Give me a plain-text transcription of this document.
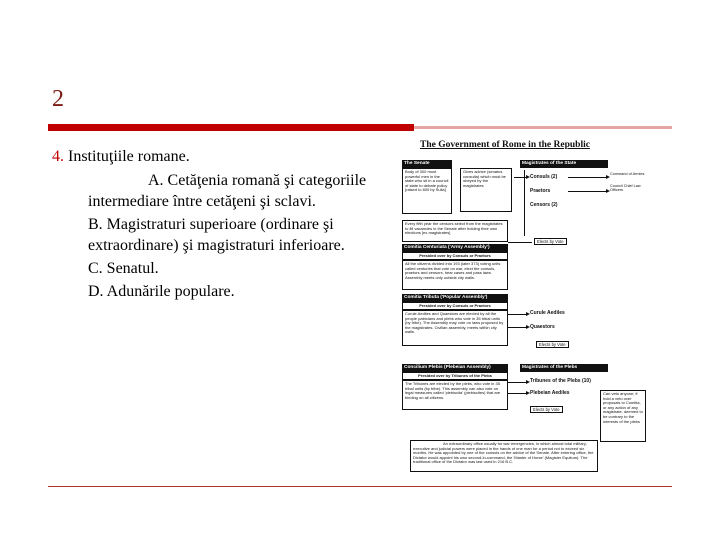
2
4. Instituţiile romane.
A. Cetăţenia romană şi categoriile intermediare între cetăţeni şi sclavi.
B. Magistraturi superioare (ordinare şi extraordinare) şi magistraturi inferioare.
C. Senatul.
D. Adunările populare.
The Government of Rome in the Republic
The Senate
Body of 300 most powerful men in the state who sit in a council of state to debate policy [raised to 600 by Sulla]
Gives advice (senatus consulta) which must be obeyed by the magistrates
Magistrates of the State
Consuls (2)
Praetors
Censors (2)
Command of Armies
Council Chief Law Officers
Every fifth year the censors select from the magistrates to fill vacancies in the Senate after holding their own elections [ex-magistrates]
Comitia Centuriata ('Army Assembly')
Presided over by Consuls or Praetors
All the citizens divided into 193 (later 373) voting units called centuries that vote on war, elect the consuls, praetors and censors, hear cases and pass laws. Assembly meets only outside city walls.
Elects by Vote
Comitia Tributa ('Popular Assembly')
Presided over by Consuls or Praetors
Curule Aediles and Quaestors are elected by all the people patricians and plebs who vote in 35 tribal units (by tribe). The Assembly may vote on laws proposed by the magistrates. Civilian assembly, meets within city walls.
Curule Aediles
Quaestors
Elects by Vote
Concilium Plebis (Plebeian Assembly)
Presided over by Tribunes of the Plebs
The Tribunes are elected by the plebs, who vote in 35 tribal units (by tribe). This assembly can also vote on legal measures called 'plebiscita' (plebiscites) that are binding on all citizens.
Magistrates of the Plebs
Tribunes of the Plebs (10)
Plebeian Aediles
Elects by Vote
Can veto anyone; if hold a veto over proposals to Comitia, or any action of any magistrate, deemed to be contrary to the interests of the plebs
An extraordinary office usually for war emergencies, in which almost total military, executive and judicial powers were placed in the hands of one man for a period not to exceed six months. He was appointed by one of the consuls on the advice of the Senate. After entering office, the Dictator would appoint his own second-in-command, the 'Master of Horse' (Magister Equitum). The traditional office of the Dictator was last used in 216 B.C.
